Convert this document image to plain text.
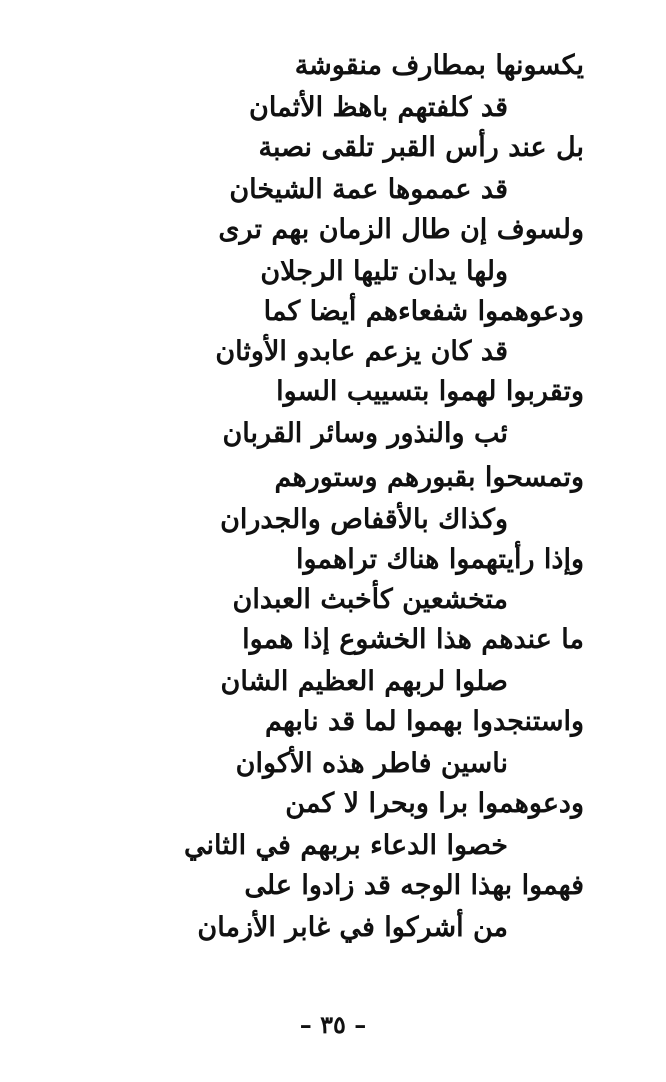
يكسونها بمطارف منقوشة
قد كلفتهم باهظ الأثمان
بل عند رأس القبر تلقى نصبة
قد عمموها عمة الشيخان
ولسوف إن طال الزمان بهم ترى
ولها يدان تليها الرجلان
ودعوهموا شفعاءهم أيضا كما
قد كان يزعم عابدو الأوثان
وتقربوا لهموا بتسييب السوا
ئب والنذور وسائر القربان
وتمسحوا بقبورهم وستورهم
وكذاك بالأقفاص والجدران
وإذا رأيتهموا هناك تراهموا
متخشعين كأخبث العبدان
ما عندهم هذا الخشوع إذا هموا
صلوا لربهم العظيم الشان
واستنجدوا بهموا لما قد نابهم
ناسين فاطر هذه الأكوان
ودعوهموا برا وبحرا لا كمن
خصوا الدعاء بربهم في الثاني
فهموا بهذا الوجه قد زادوا على
من أشركوا في غابر الأزمان
– ٣٥ –
